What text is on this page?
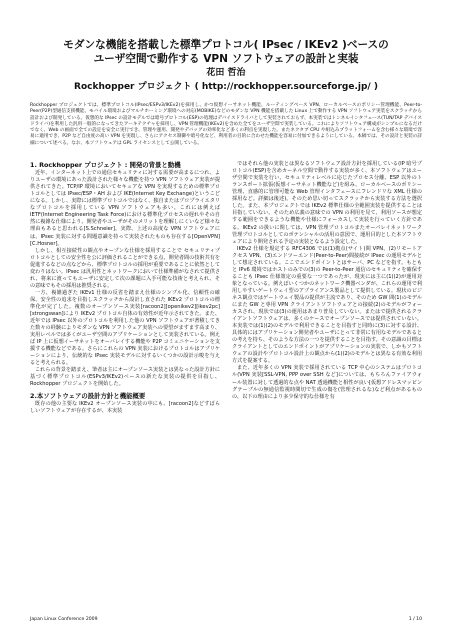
モダンな機能を搭載した標準プロトコル( IPsec / IKEv2 )ベースの
ユーザ空間で動作する VPN ソフトウェアの設計と実装
花田 哲治
Rockhopper プロジェクト ( http://rockhopper.sourceforge.jp/ )

Rockhopper プロジェクトでは、標準プロトコル(IPsec/ESPv3/IKEv2)を採用し、かつ仮想イーサネット機能、ルーティングベース VPN、ローカルベースのポリシー管理機能、Peer-to-Peer(P2P)型通信支援機能、モバイル環境およびマルチホーミング環境への対応(MOBIKE)などのモダンな VPN 機能を搭載した Linux 上で動作する VPN ソフトウェア実装をスクラッチから設計および開発している。仮想的な IPsec の設計モデルでは暗号プロトコル(ESP)の処理はデバイスドライバとして実装されておらず、本実装ではトンネルインタフェース(TUN/TAP デバイスドライバ)を利用した汎用一般的になってきたアーキテクチャを採用し、VPN 管理機能(IKEv2)を含めた全てをユーザ空間で実装している。これによりソフトウェア構成がシンプルになるだけでなく、Web の画面で全ての設定を安全に実行でき、管理や運用、開発やデバッグの効率化など多くの利点を実現した。またネクタブ CPU や組込みプラットフォームを含む様々な環境で容易に適用でき、P2P など自由度の高い VPN を実現し、さらにアクセス制御や暗号化など、利用者の目的に合わせた機能を容易に付加できるようにしている。本稿では、その設計と実装の詳細について述べる。なお、本ソフトウェアは GPL ライセンスとして公開している。

1. Rockhopper プロジェクト : 開発の背景と動機

近年、インターネット上での通信セキュリティに対する需要が高まるにつれ、よりユーザの環境にあった設計された様々な機能を持つ VPN ソフトウェア実装が提供されてきた。TCP/IP 環境においてセキュアな VPN を実現するための標準プロトコルとしては IPsec/ESP・AH および IKE(Internet Key Exchange)というこどになる。しかし、実際には標準プロトコルではなく、独自またはプロプライエタリなプロトコルを採用している VPN ソフトウェアも多い。これには例えば IETF(Internet Engineering Task Force)における標準化プロセスの遅れやその自然に複雑な仕様により、開発者やユーザがそのメリットを理解しにくいなど様々な理由もあると思われる[S.Schneier]。実際、上述の高度な VPN ソフトウェアには、IPsec 実装に対する問題意識を持って実装されたものも存在する[OpenVPN][C.Hosner]。

しかし、相互接続性の観点やオープンな仕様を採用することで セキュリティプロトコルとしての安全性を公に評価されることができる点、開発者間の技術共有を促進するなどの点などから、標準プロトコルの採用が重要であることに依然として変わりはない。IPsec は汎用性とネットワークにおいて仕様準備がなされて提供され、将来に渡ってもユーザに安定して次の課題に入手可能な技術と考えられ、その意味でもその採用は推奨される。

一方、複雑過ぎた IKEv1 仕様の反省を踏まえ仕様のシンプル化、信頼性の確保、安全性の追求を目指しスクラッチから設計し直された IKEv2 プロトコルの標準化が完了した。複数のオープンソース実装[racoon2][openikev2][ikev2pc][strongswan]により IKEv2 プロトコル自体の有効性が近年示されてきた。また、近年では IPsec 以外のプロトコルを利用した他の VPN ソフトウェアが著積してきた数々の経験によりモダンな VPN ソフトウェア実装への要望がますます高まり、実用レベルでは多くがユーザ空間のアプリケーションとして実装されている。例えば IP 上に仮想イーサネットをオーバレイする機能や P2P コミュニケーションを支援する機能などである。さらにこれらの VPN 実装におけるプロトコルはアプリケーションにより、伝統的な IPsec 実装モデルに対するいくつかの設計示唆を与えると考えられる。

これらの背景を踏まえ、筆者は主にオープンソース実装とは異なった設計方針に基づく標準プロトコル(ESPv3/IKEv2)ベースの新たな実装の提供を目指し、Rockhopper プロジェクトを開始した。

2.本ソフトウェアの設計方針と機能概要

既存の他の主要な IKEv2 オープンソース実装の中にも、[racoon2]などすばらしいソフトウェアが存在するが、本実装

ではそれら他の実装とは異なるソフトウェア設計方針を採用している(IP 暗号プロトコル(ESP)を含めカーネル空間で動作する実装が多く、本ソフトウェアはユーザ空間で実装を行い、セキュリティレベルに応じたプロセス分離、ESP 以外のトランスポート拡張(仮想イーサネット機能など)を組み、ローカルベースのポリシー管理、直感的に管理可能な Web 管理インタフェースにフレンドリな XML 仕様の採用など。詳細は後述)。そのため思い切ってスクラッチから実装する方法を選択した。また、本プロジェクトでは IKEv2 標準仕様の全範囲実装を提供することは目指していない。そのため広義の意味での VPN の利用を見て、利用ソースが想定する範囲をできるような機能や仕様にフォーカスして実装を行っていく方針である。IKEv2 の扱いに関しては、VPN 管理プロトコルまたオーバレイネットワーク管理プロトコルとしてのポテンシャルの活用の意図で、運用目的とした本ソフトウェアにより開発される予定の実装となるよう設定した。

IKEv2 仕様を規定する RFC4306 では(1)拠点(サイト)間 VPN、(2)リモートアクセス VPN、(3)エンドツーエンド(Peer-to-Peer)間接続が IPsec の運用モデルとして想定されている。ここでエンドポイントとはサーバ、PC などを指す。もともと IPv6 環境ではホストのみでの(3)の Peer-to-Peer 通信のセキュリティを確保することも IPsec 仕様策定の重要な一つであったが、現実には主に(1)(2)が運用対象となっている。例えばいくつかのネットワーク機器ベンダが、これらの運用で利用しやすいゲートウェイ型のアプライアンス製品として提供している。現状のビジネス観点ではゲートウェイ製品の提供が主流であり、そのため GW 間(1)のモデルにまた GW と専用 VPN クライアントソフトウェアとの接続(2)のモデルがフォーカスされ、現状では(3)の運用はあまり普及していない。またはで提供されるクライアントソフトウェアは、多くのケースでオープンソースでは提供されていない。本実装では(1)(2)のモデルで利用できることを目指すと同時に(3)に対する設計、具体的にはアプリケーション開発者やユーザにとって非常に有用なモデルであるとの考えを持ち、そのような方法の一つを提供することを目指す。その意識の目標はクライアントとしてのエンドポイントがアプリケーションの実装で、しかもソフトウェアの設計やプロトコル設計上の観点から(1)(2)のモデルとは異なる有効な利用方式を提案する。

また、近年多くの VPN 実装で採用されている TCP 中心のシステムはプロトコル(VPN 実装[SSL-VPN, PPP over SSH など]については、もちろんファイアウォール装置に対して透過的な点や NAT 透過機能と相性が良い[仮想アドレスマッピングテーブルの無通信監視時間切で生成の傷を(管理されるな)など利点があるものの、以下の理由により多少保守的な仕様を有

Japan Linux Conference 2009	1 / 10
